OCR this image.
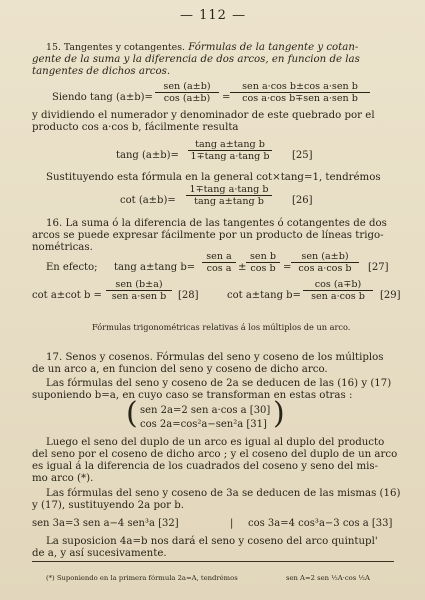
— 112 —
15. Tangentes y cotangentes. Fórmulas de la tangente y cotan-
gente de la suma y la diferencia de dos arcos, en funcion de las
tangentes de dichos arcos.
Siendo tang (a±b)=
sen (a±b)
cos (a±b)	=
sen a·cos b±cos a·sen b
cos a·cos b∓sen a·sen b
y dividiendo el numerador y denominador de este quebrado por el
producto cos a·cos b, fácilmente resulta
tang $(a\pm b)= \frac{\text{tang a±tang b}}{\text{1∓tang a·tang b}} [25]$
Sustituyendo esta fórmula en la general cot×tang=1, tendrémos
$\cot (a\pm b)= \frac{\text{1∓tang a·tang b}}{\text{tang a±tang b}} [26]$
16. La suma ó la diferencia de las tangentes ó cotangentes de dos
arcos se puede expresar fácilmente por un producto de líneas trigo-
nométricas.
En efecto; tang a±tang b=
sen a
cos a ±
sen b
cos b =
sen (a±b)
cos a·cos b	[27]
cot a±cot b =
sen (b±a)
sen a·sen b	[28]	cot a±tang b=
cos (a∓b)
sen a·cos b	[29]
Fórmulas trigonométricas relativas á los múltiplos de un arco.
17. Senos y cosenos. Fórmulas del seno y coseno de los múltiplos
de un arco a, en funcion del seno y coseno de dicho arco.
Las fórmulas del seno y coseno de 2a se deducen de las (16) y (17)
suponiendo b=a, en cuyo caso se transforman en estas otras :
( sen 2a=2 sen a·cos a [30]
cos 2a=cos²a−sen²a [31] )
Luego el seno del duplo de un arco es igual al duplo del producto
del seno por el coseno de dicho arco ; y el coseno del duplo de un arco
es igual á la diferencia de los cuadrados del coseno y seno del mis-
mo arco (*).
Las fórmulas del seno y coseno de 3a se deducen de las mismas (16)
y (17), sustituyendo 2a por b.
sen 3a=3 sen a−4 sen³a [32]	| cos 3a=4 cos³a−3 cos a [33]
La suposicion 4a=b nos dará el seno y coseno del arco quintupl'
de a, y así sucesivamente.
(*) Suponiendo en la primera fórmula 2a=A, tendrémos	sen A=2 sen ½A·cos ½A
